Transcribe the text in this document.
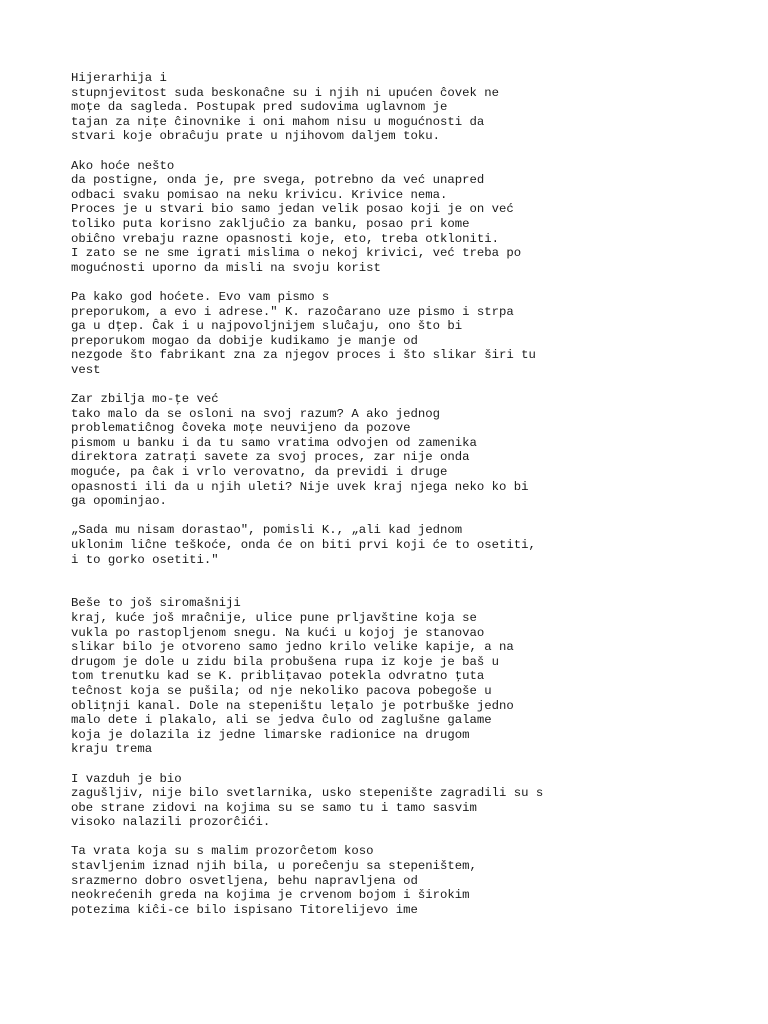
Hijerarhija i
stupnjevitost suda beskonaĉne su i njih ni upućen ĉovek ne
moţe da sagleda. Postupak pred sudovima uglavnom je
tajan za niţe ĉinovnike i oni mahom nisu u mogućnosti da
stvari koje obraĉuju prate u njihovom daljem toku.
Ako hoće nešto
da postigne, onda je, pre svega, potrebno da već unapred
odbaci svaku pomisao na neku krivicu. Krivice nema.
Proces je u stvari bio samo jedan velik posao koji je on već
toliko puta korisno zakljuĉio za banku, posao pri kome
obiĉno vrebaju razne opasnosti koje, eto, treba otkloniti.
I zato se ne sme igrati mislima o nekoj krivici, već treba po
mogućnosti uporno da misli na svoju korist
Pa kako god hoćete. Evo vam pismo s
preporukom, a evo i adrese." K. razoĉarano uze pismo i strpa
ga u dţep. Ĉak i u najpovoljnijem sluĉaju, ono što bi
preporukom mogao da dobije kudikamo je manje od
nezgode što fabrikant zna za njegov proces i što slikar širi tu
vest
Zar zbilja mo-ţe već
tako malo da se osloni na svoj razum? A ako jednog
problematiĉnog ĉoveka moţe neuvijeno da pozove
pismom u banku i da tu samo vratima odvojen od zamenika
direktora zatraţi savete za svoj proces, zar nije onda
moguće, pa ĉak i vrlo verovatno, da previdi i druge
opasnosti ili da u njih uleti? Nije uvek kraj njega neko ko bi
ga opominjao.
„Sada mu nisam dorastao", pomisli K., „ali kad jednom
uklonim liĉne teškoće, onda će on biti prvi koji će to osetiti,
i to gorko osetiti."
Beše to još siromašniji
kraj, kuće još mraĉnije, ulice pune prljavštine koja se
vukla po rastopljenom snegu. Na kući u kojoj je stanovao
slikar bilo je otvoreno samo jedno krilo velike kapije, a na
drugom je dole u zidu bila probušena rupa iz koje je baš u
tom trenutku kad se K. pribliţavao potekla odvratno ţuta
teĉnost koja se pušila; od nje nekoliko pacova pobegoše u
obliţnji kanal. Dole na stepeništu leţalo je potrbuške jedno
malo dete i plakalo, ali se jedva ĉulo od zaglušne galame
koja je dolazila iz jedne limarske radionice na drugom
kraju trema
I vazduh je bio
zagušljiv, nije bilo svetlarnika, usko stepenište zagradili su s
obe strane zidovi na kojima su se samo tu i tamo sasvim
visoko nalazili prozorĉići.
Ta vrata koja su s malim prozorĉetom koso
stavljenim iznad njih bila, u poreĉenju sa stepeništem,
srazmerno dobro osvetljena, behu napravljena od
neokrećenih greda na kojima je crvenom bojom i širokim
potezima kiĉi-ce bilo ispisano Titorelijevo ime
